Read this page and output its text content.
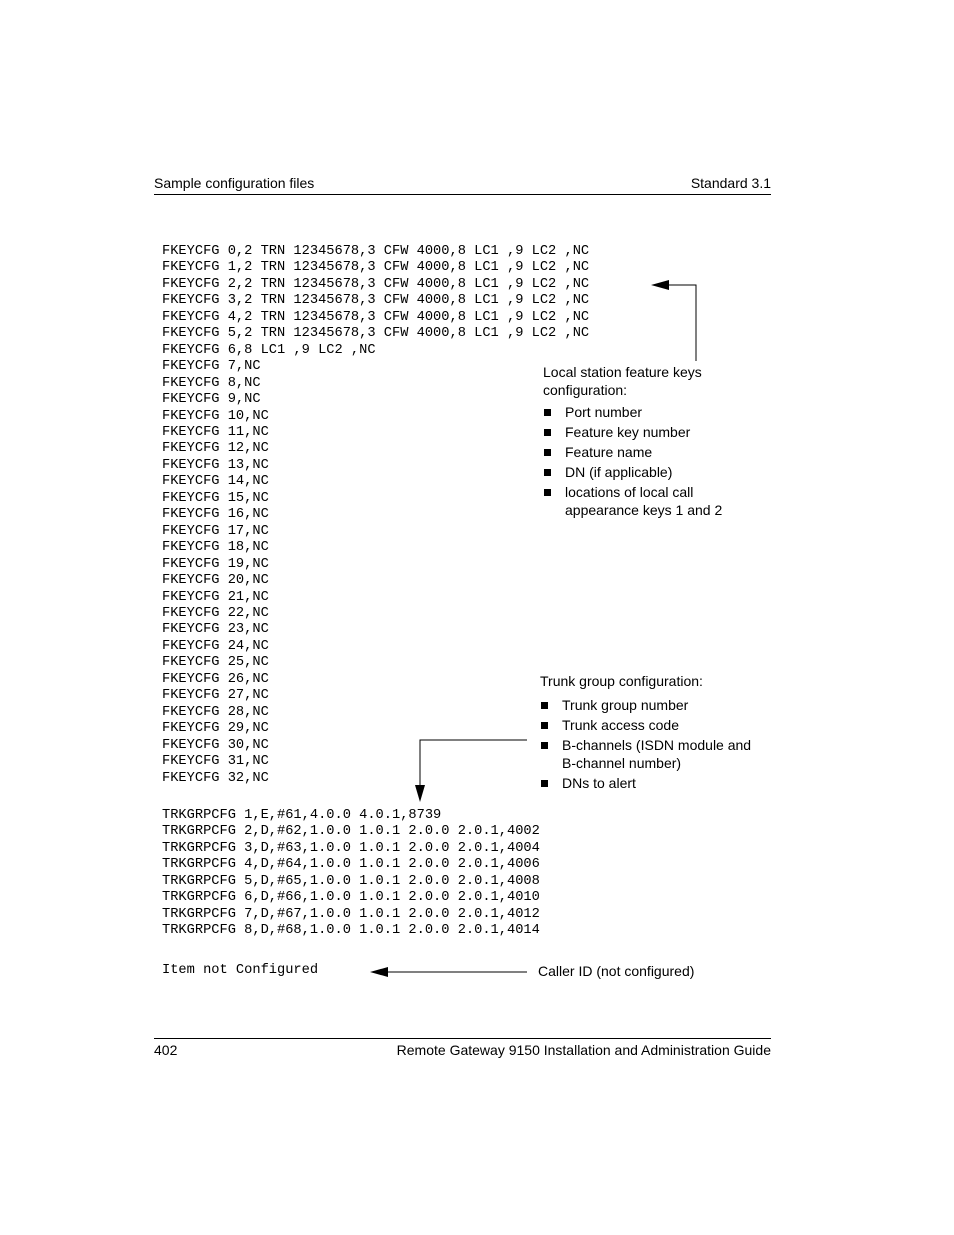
Sample configuration files	Standard 3.1
FKEYCFG 0,2 TRN 12345678,3 CFW 4000,8 LC1 ,9 LC2 ,NC
FKEYCFG 1,2 TRN 12345678,3 CFW 4000,8 LC1 ,9 LC2 ,NC
FKEYCFG 2,2 TRN 12345678,3 CFW 4000,8 LC1 ,9 LC2 ,NC
FKEYCFG 3,2 TRN 12345678,3 CFW 4000,8 LC1 ,9 LC2 ,NC
FKEYCFG 4,2 TRN 12345678,3 CFW 4000,8 LC1 ,9 LC2 ,NC
FKEYCFG 5,2 TRN 12345678,3 CFW 4000,8 LC1 ,9 LC2 ,NC
FKEYCFG 6,8 LC1 ,9 LC2 ,NC
FKEYCFG 7,NC
FKEYCFG 8,NC
FKEYCFG 9,NC
FKEYCFG 10,NC
FKEYCFG 11,NC
FKEYCFG 12,NC
FKEYCFG 13,NC
FKEYCFG 14,NC
FKEYCFG 15,NC
FKEYCFG 16,NC
FKEYCFG 17,NC
FKEYCFG 18,NC
FKEYCFG 19,NC
FKEYCFG 20,NC
FKEYCFG 21,NC
FKEYCFG 22,NC
FKEYCFG 23,NC
FKEYCFG 24,NC
FKEYCFG 25,NC
FKEYCFG 26,NC
FKEYCFG 27,NC
FKEYCFG 28,NC
FKEYCFG 29,NC
FKEYCFG 30,NC
FKEYCFG 31,NC
FKEYCFG 32,NC
TRKGRPCFG 1,E,#61,4.0.0 4.0.1,8739
TRKGRPCFG 2,D,#62,1.0.0 1.0.1 2.0.0 2.0.1,4002
TRKGRPCFG 3,D,#63,1.0.0 1.0.1 2.0.0 2.0.1,4004
TRKGRPCFG 4,D,#64,1.0.0 1.0.1 2.0.0 2.0.1,4006
TRKGRPCFG 5,D,#65,1.0.0 1.0.1 2.0.0 2.0.1,4008
TRKGRPCFG 6,D,#66,1.0.0 1.0.1 2.0.0 2.0.1,4010
TRKGRPCFG 7,D,#67,1.0.0 1.0.1 2.0.0 2.0.1,4012
TRKGRPCFG 8,D,#68,1.0.0 1.0.1 2.0.0 2.0.1,4014
Item not Configured
Local station feature keys configuration:
Port number
Feature key number
Feature name
DN (if applicable)
locations of local call appearance keys 1 and 2
Trunk group configuration:
Trunk group number
Trunk access code
B-channels (ISDN module and B-channel number)
DNs to alert
Caller ID (not configured)
402	Remote Gateway 9150 Installation and Administration Guide
